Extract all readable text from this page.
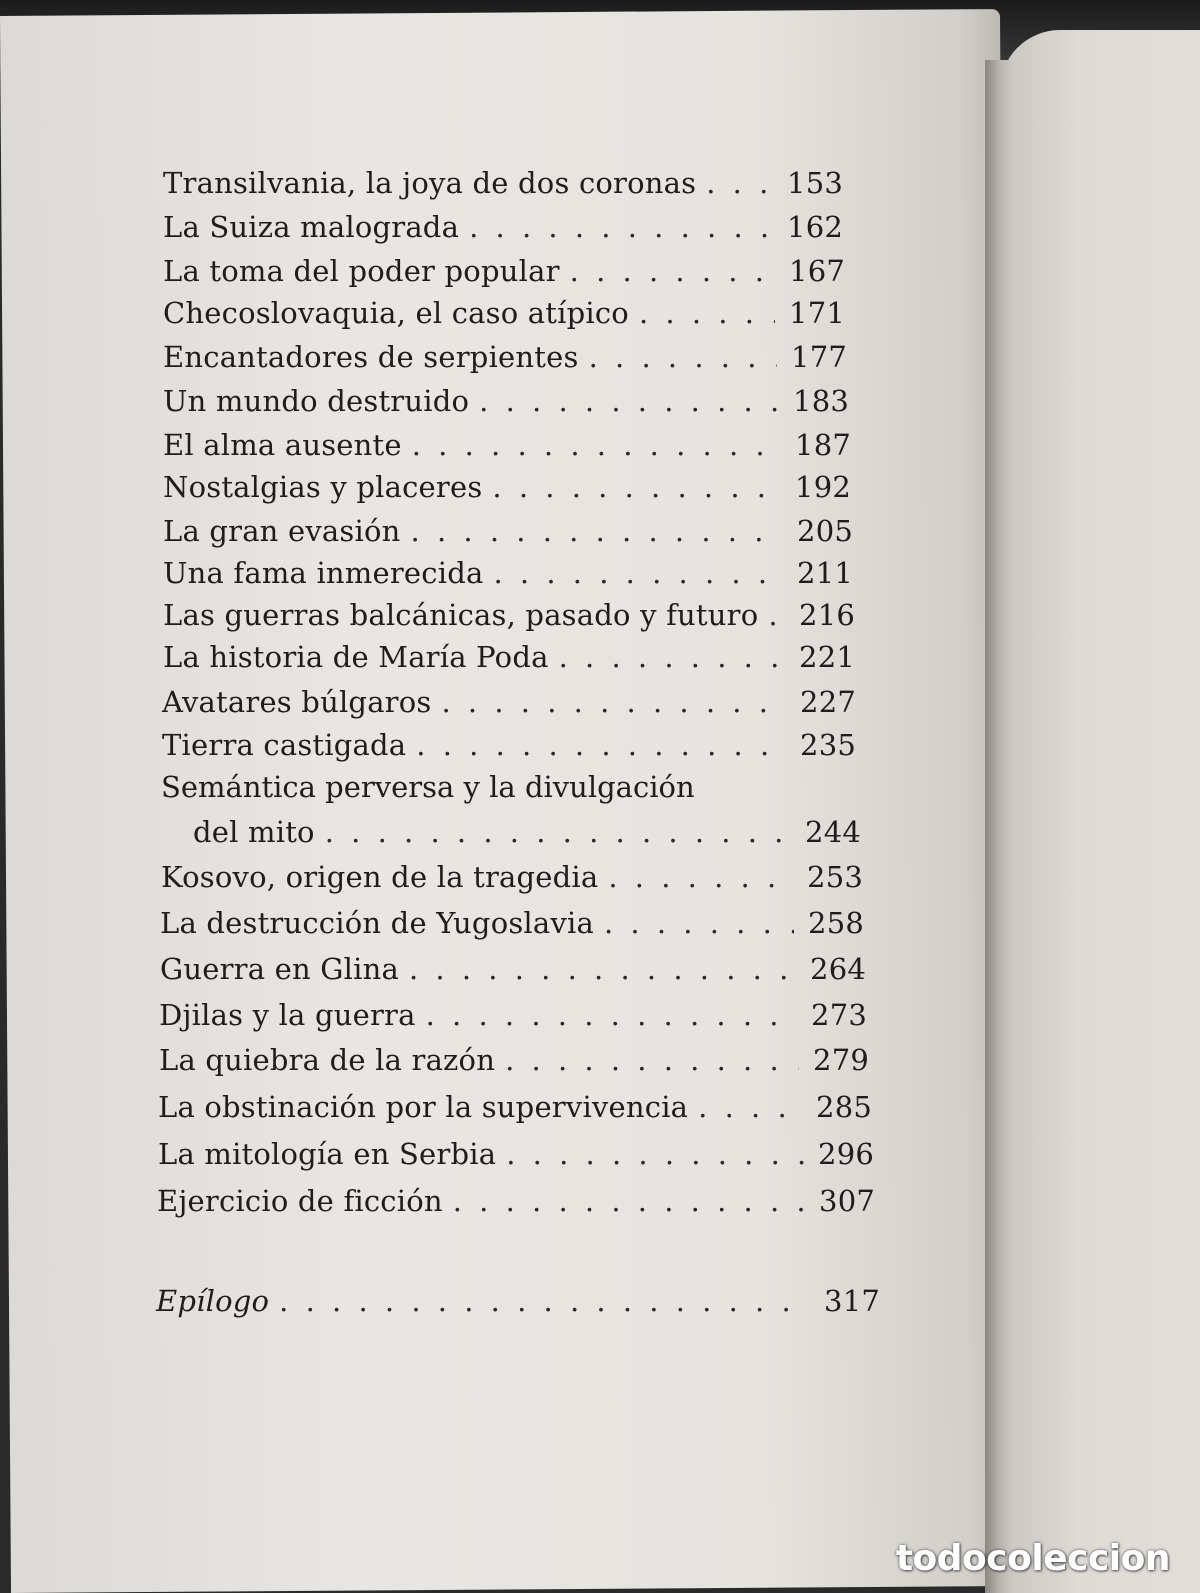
Transilvania, la joya de dos coronas . . .	153
La Suiza malograda . . .	162
La toma del poder popular . . .	167
Checoslovaquia, el caso atípico . . .	171
Encantadores de serpientes . . .	177
Un mundo destruido . . .	183
El alma ausente . . .	187
Nostalgias y placeres . . .	192
La gran evasión . . .	205
Una fama inmerecida . . .	211
Las guerras balcánicas, pasado y futuro . . . 216
La historia de María Poda . . .	221
Avatares búlgaros . . .	227
Tierra castigada . . .	235
Semántica perversa y la divulgación
del mito . . .	244
Kosovo, origen de la tragedia . . .	253
La destrucción de Yugoslavia . . .	258
Guerra en Glina . . .	264
Djilas y la guerra . . .	273
La quiebra de la razón . . .	279
La obstinación por la supervivencia . . .	285
La mitología en Serbia . . .	296
Ejercicio de ficción . . .	307
Epílogo . . .	317
todocoleccion
